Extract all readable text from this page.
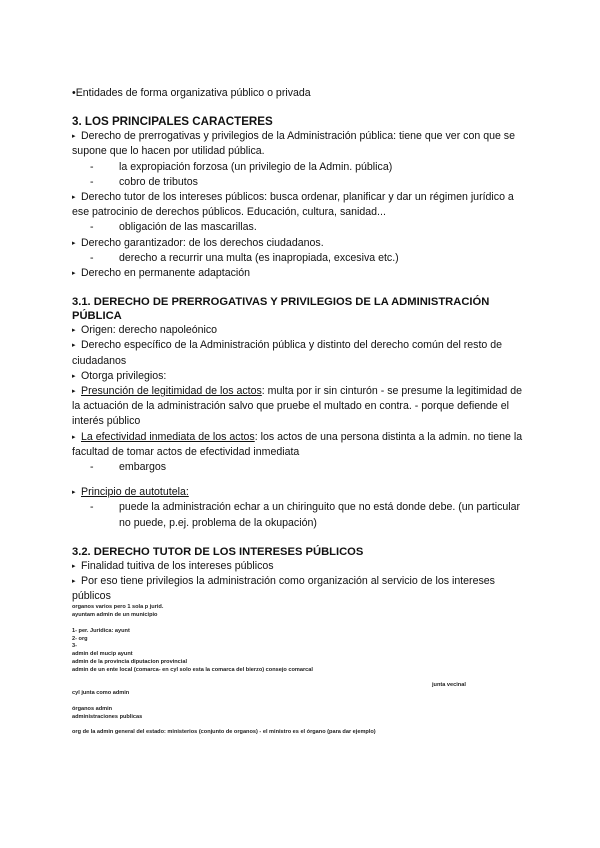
•Entidades de forma organizativa público o privada

3. LOS PRINCIPALES CARACTERES

▸ Derecho de prerrogativas y privilegios de la Administración pública: tiene que ver con que se supone que lo hacen por utilidad pública.

-	la expropiación forzosa (un privilegio de la Admin. pública)
-	cobro de tributos

▸ Derecho tutor de los intereses públicos: busca ordenar, planificar y dar un régimen jurídico a ese patrocinio de derechos públicos. Educación, cultura, sanidad...

-	obligación de las mascarillas.

▸ Derecho garantizador: de los derechos ciudadanos.

-	derecho a recurrir una multa (es inapropiada, excesiva etc.)

▸ Derecho en permanente adaptación

3.1. DERECHO DE PRERROGATIVAS Y PRIVILEGIOS DE LA ADMINISTRACIÓN PÚBLICA

▸ Origen: derecho napoleónico

▸ Derecho específico de la Administración pública y distinto del derecho común del resto de ciudadanos

▸ Otorga privilegios:

▸ Presunción de legitimidad de los actos: multa por ir sin cinturón - se presume la legitimidad de la actuación de la administración salvo que pruebe el multado en contra. - porque defiende el interés público

▸ La efectividad inmediata de los actos: los actos de una persona distinta a la admin. no tiene la facultad de tomar actos de efectividad inmediata

-	embargos

▸ Principio de autotutela:

-	puede la administración echar a un chiringuito que no está donde debe. (un particular no puede, p.ej. problema de la okupación)

3.2. DERECHO TUTOR DE LOS INTERESES PÚBLICOS

▸ Finalidad tuitiva de los intereses públicos

▸ Por eso tiene privilegios la administración como organización al servicio de los intereses públicos

organos varios pero 1 sola p jurid.

ayuntam admin de un municipio

1- per. Juridica: ayunt

2- org

3-

admin del mucip ayunt

admin de la provincia diputacion provincial

admin de un ente local (comarca- en cyl solo esta la comarca del bierzo) consejo comarcal

junta vecinal

cyl junta como admin

órganos admin

administraciones publicas

org de la admin general del estado: ministerios (conjunto de organos) - el ministro es el órgano (para dar ejemplo)
